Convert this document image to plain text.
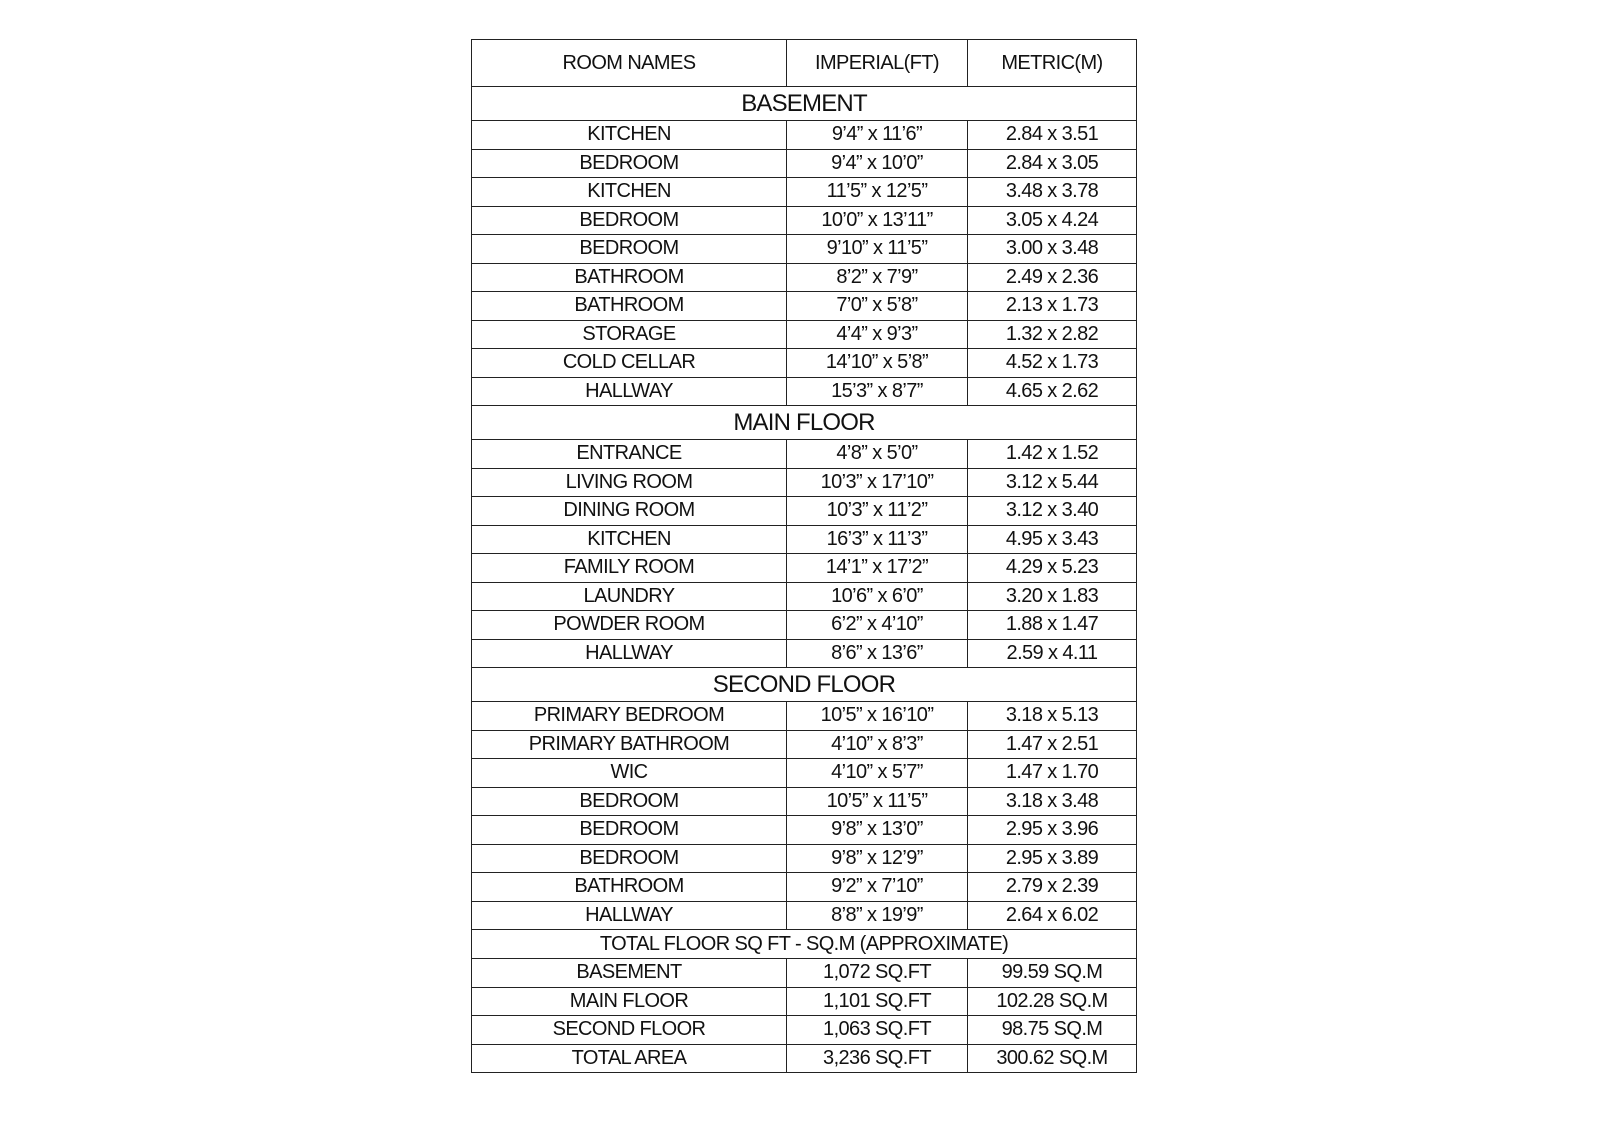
ROOM NAMES	IMPERIAL(FT)	METRIC(M)
BASEMENT		
KITCHEN	9’4” x 11’6”	2.84 x 3.51
BEDROOM	9’4” x 10’0”	2.84 x 3.05
KITCHEN	11’5” x 12’5”	3.48 x 3.78
BEDROOM	10’0” x 13’11”	3.05 x 4.24
BEDROOM	9’10” x 11’5”	3.00 x 3.48
BATHROOM	8’2” x 7’9”	2.49 x 2.36
BATHROOM	7’0” x 5’8”	2.13 x 1.73
STORAGE	4’4” x 9’3”	1.32 x 2.82
COLD CELLAR	14’10” x 5’8”	4.52 x 1.73
HALLWAY	15’3” x 8’7”	4.65 x 2.62
MAIN FLOOR		
ENTRANCE	4’8” x 5’0”	1.42 x 1.52
LIVING ROOM	10’3” x 17’10”	3.12 x 5.44
DINING ROOM	10’3” x 11’2”	3.12 x 3.40
KITCHEN	16’3” x 11’3”	4.95 x 3.43
FAMILY ROOM	14’1” x 17’2”	4.29 x 5.23
LAUNDRY	10’6” x 6’0”	3.20 x 1.83
POWDER ROOM	6’2” x 4’10”	1.88 x 1.47
HALLWAY	8’6” x 13’6”	2.59 x 4.11
SECOND FLOOR		
PRIMARY BEDROOM	10’5” x 16’10”	3.18 x 5.13
PRIMARY BATHROOM	4’10” x 8’3”	1.47 x 2.51
WIC	4’10” x 5’7”	1.47 x 1.70
BEDROOM	10’5” x 11’5”	3.18 x 3.48
BEDROOM	9’8” x 13’0”	2.95 x 3.96
BEDROOM	9’8” x 12’9”	2.95 x 3.89
BATHROOM	9’2” x 7’10”	2.79 x 2.39
HALLWAY	8’8” x 19’9”	2.64 x 6.02
TOTAL FLOOR SQ FT - SQ.M (APPROXIMATE)		
BASEMENT	1,072 SQ.FT	99.59 SQ.M
MAIN FLOOR	1,101 SQ.FT	102.28 SQ.M
SECOND FLOOR	1,063 SQ.FT	98.75 SQ.M
TOTAL AREA	3,236 SQ.FT	300.62 SQ.M
